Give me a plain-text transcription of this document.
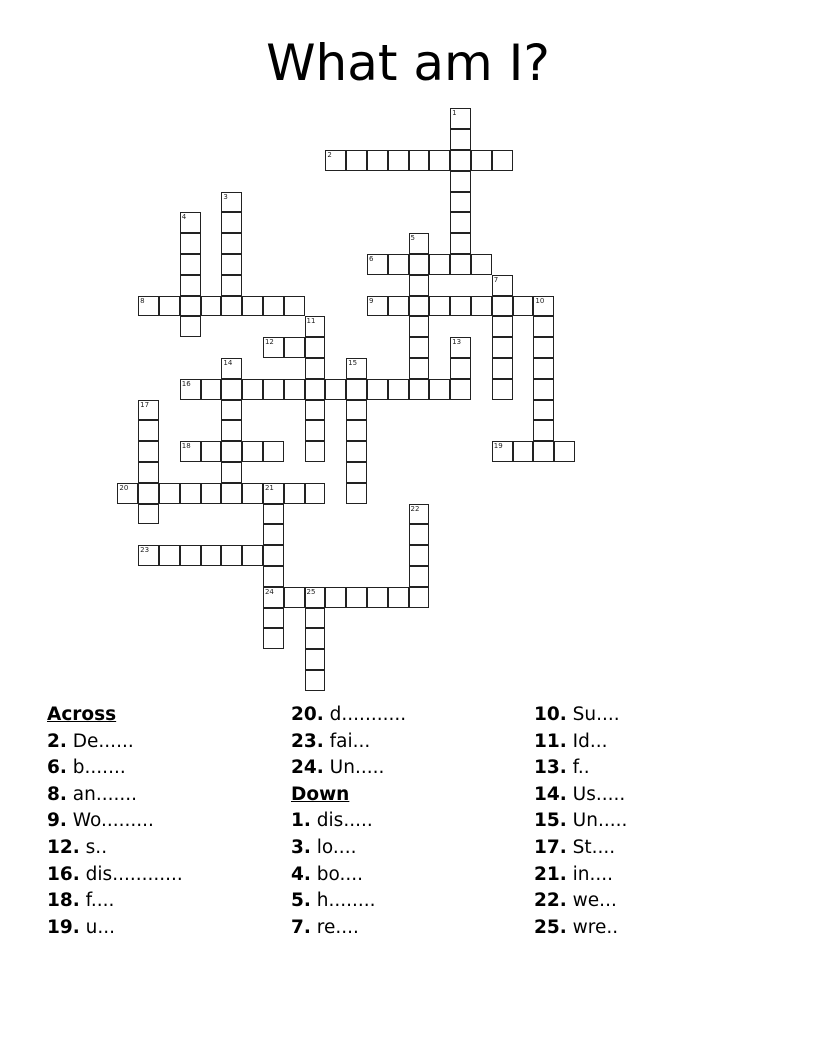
What am I?
2
6
8	9	10
12
16
18	19
20	21
23
24	25
1
3
4
5
7
11
13
14	15
17
22
Across
2. De......
6. b.......
8. an.......
9. Wo.........
12. s..
16. dis............
18. f....
19. u...
20. d...........
23. fai...
24. Un.....
Down
1. dis.....
3. lo....
4. bo....
5. h........
7. re....
10. Su....
11. Id...
13. f..
14. Us.....
15. Un.....
17. St....
21. in....
22. we...
25. wre..
